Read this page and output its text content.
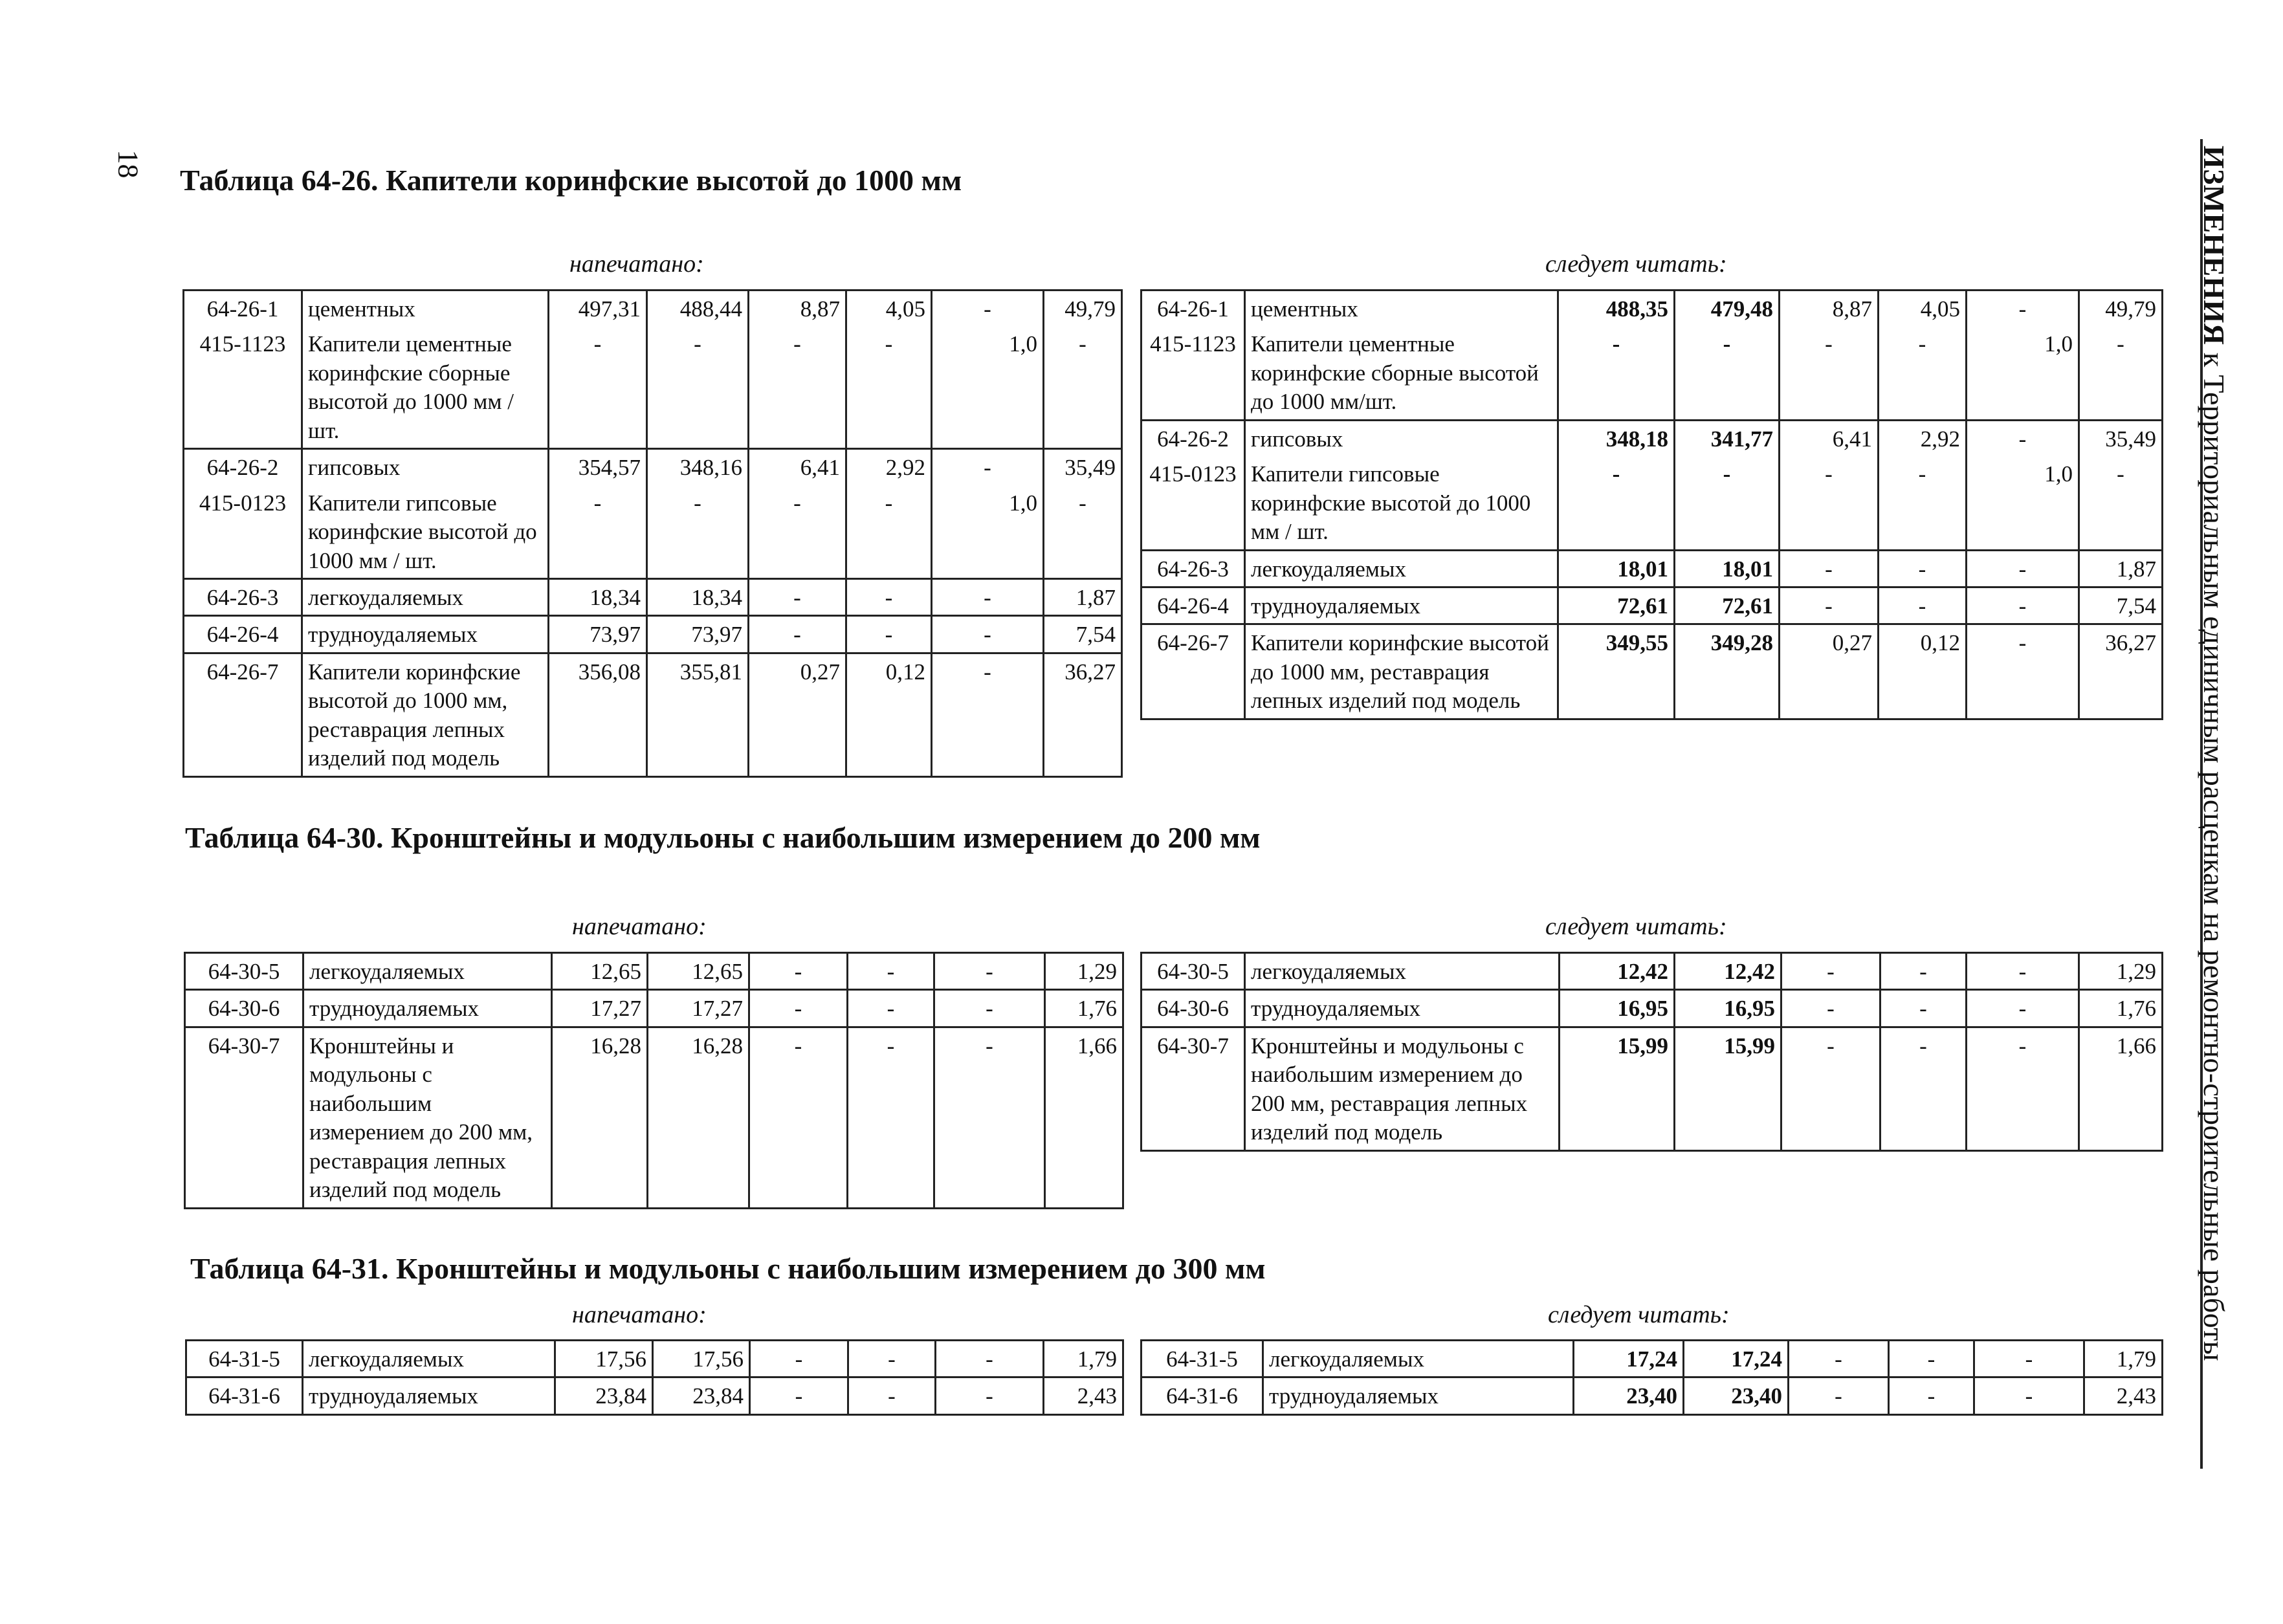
18	ИЗМЕНЕНИЯ к Территориальным единичным расценкам на ремонтно-строительные работы
Таблица 64-26. Капители коринфские высотой до 1000 мм
напечатано:	следует читать:
64-26-1	цементных	497,31	488,44	8,87	4,05	-	49,79
415-1123	Капители цементные коринфские сборные высотой до 1000 мм / шт.	-	-	-	-	1,0	-
64-26-2	гипсовых	354,57	348,16	6,41	2,92	-	35,49
415-0123	Капители гипсовые коринфские высотой до 1000 мм / шт.	-	-	-	-	1,0	-
64-26-3	легкоудаляемых	18,34	18,34	-	-	-	1,87
64-26-4	трудноудаляемых	73,97	73,97	-	-	-	7,54
64-26-7	Капители коринфские высотой до 1000 мм, реставрация лепных изделий под модель	356,08	355,81	0,27	0,12	-	36,27
64-26-1	цементных	488,35	479,48	8,87	4,05	-	49,79
415-1123	Капители цементные коринфские сборные высотой до 1000 мм/шт.	-	-	-	-	1,0	-
64-26-2	гипсовых	348,18	341,77	6,41	2,92	-	35,49
415-0123	Капители гипсовые коринфские высотой до 1000 мм / шт.	-	-	-	-	1,0	-
64-26-3	легкоудаляемых	18,01	18,01	-	-	-	1,87
64-26-4	трудноудаляемых	72,61	72,61	-	-	-	7,54
64-26-7	Капители коринфские высотой до 1000 мм, реставрация лепных изделий под модель	349,55	349,28	0,27	0,12	-	36,27
Таблица 64-30. Кронштейны и модульоны с наибольшим измерением до 200 мм
напечатано:	следует читать:
64-30-5	легкоудаляемых	12,65	12,65	-	-	-	1,29
64-30-6	трудноудаляемых	17,27	17,27	-	-	-	1,76
64-30-7	Кронштейны и модульоны с наибольшим измерением до 200 мм, реставрация лепных изделий под модель	16,28	16,28	-	-	-	1,66
64-30-5	легкоудаляемых	12,42	12,42	-	-	-	1,29
64-30-6	трудноудаляемых	16,95	16,95	-	-	-	1,76
64-30-7	Кронштейны и модульоны с наибольшим измерением до 200 мм, реставрация лепных изделий под модель	15,99	15,99	-	-	-	1,66
Таблица 64-31. Кронштейны и модульоны с наибольшим измерением до 300 мм
напечатано:	следует читать:
64-31-5	легкоудаляемых	17,56	17,56	-	-	-	1,79
64-31-6	трудноудаляемых	23,84	23,84	-	-	-	2,43
64-31-5	легкоудаляемых	17,24	17,24	-	-	-	1,79
64-31-6	трудноудаляемых	23,40	23,40	-	-	-	2,43
